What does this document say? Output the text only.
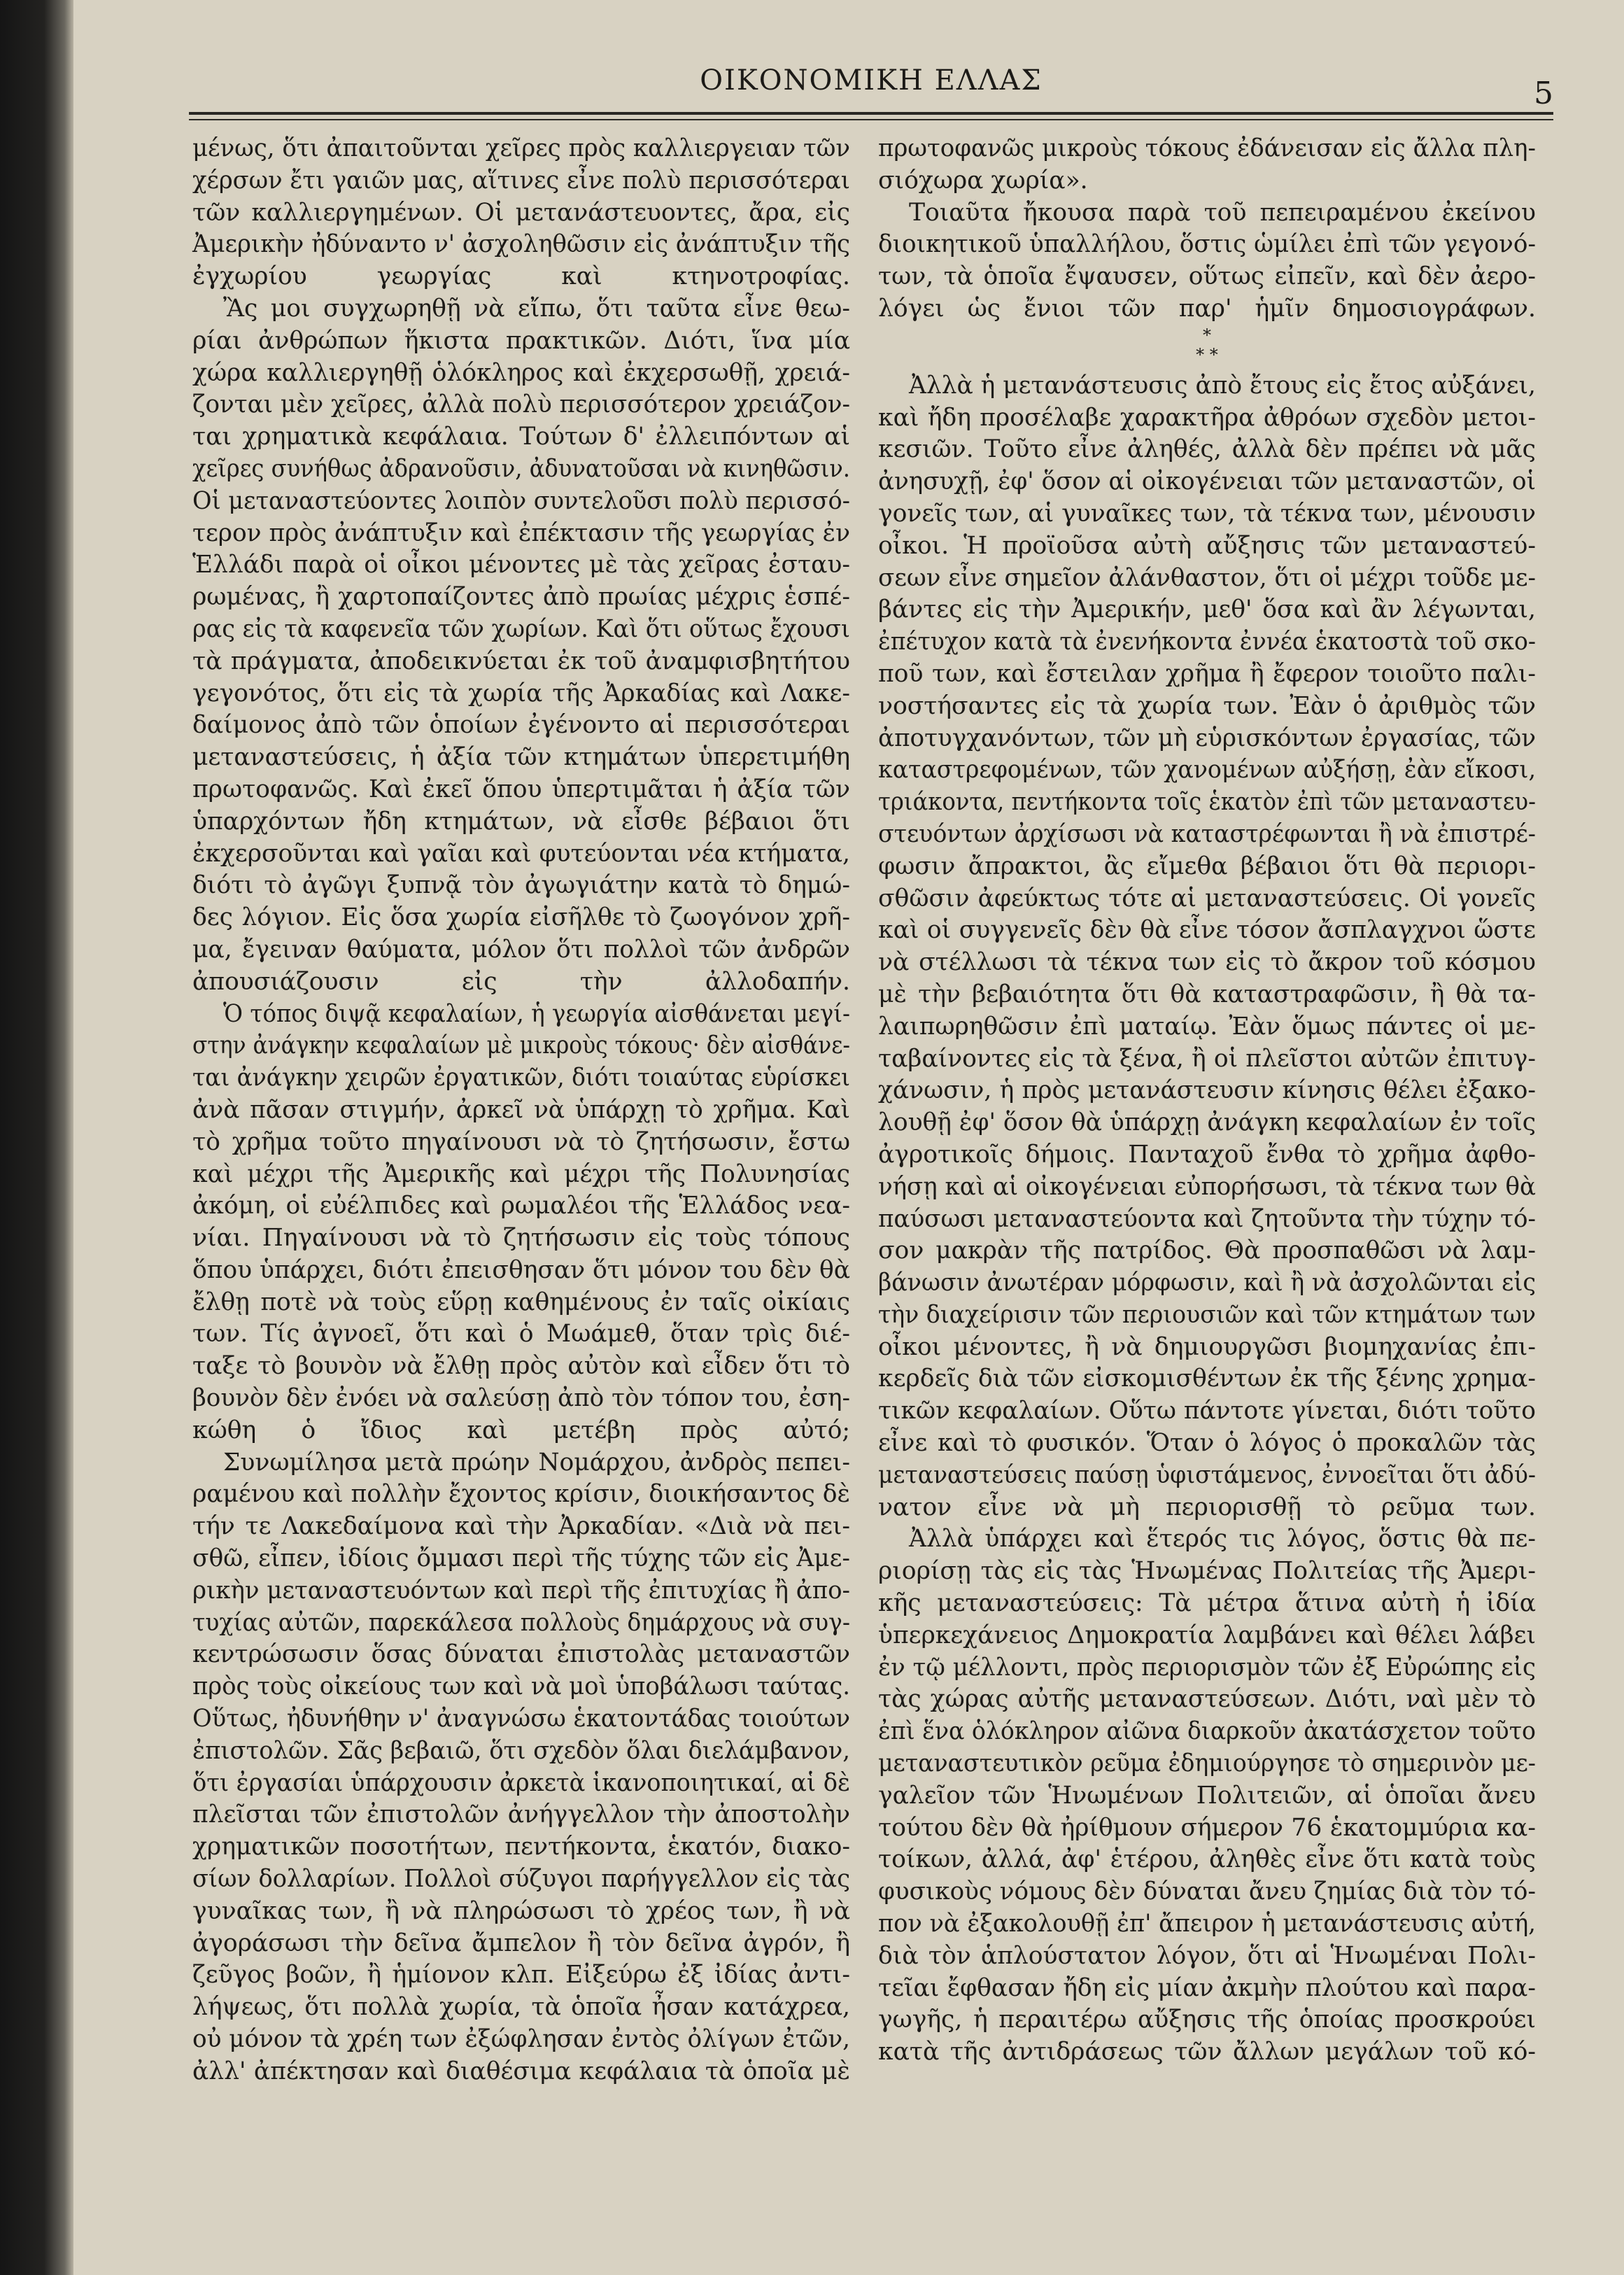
ΟΙΚΟΝΟΜΙΚΗ ΕΛΛΑΣ	5
μένως, ὅτι ἀπαιτοῦνται χεῖρες πρὸς καλλιεργειαν τῶν
χέρσων ἔτι γαιῶν μας, αἵτινες εἶνε πολὺ περισσότεραι
τῶν καλλιεργημένων. Οἱ μετανάστευοντες, ἄρα, εἰς
Ἀμερικὴν ἠδύναντο ν' ἀσχοληθῶσιν εἰς ἀνάπτυξιν τῆς
ἐγχωρίου γεωργίας καὶ κτηνοτροφίας.
Ἂς μοι συγχωρηθῇ νὰ εἴπω, ὅτι ταῦτα εἶνε θεω-
ρίαι ἀνθρώπων ἥκιστα πρακτικῶν. Διότι, ἵνα μία
χώρα καλλιεργηθῇ ὁλόκληρος καὶ ἐκχερσωθῇ, χρειά-
ζονται μὲν χεῖρες, ἀλλὰ πολὺ περισσότερον χρειάζον-
ται χρηματικὰ κεφάλαια. Τούτων δ' ἐλλειπόντων αἱ
χεῖρες συνήθως ἀδρανοῦσιν, ἀδυνατοῦσαι νὰ κινηθῶσιν.
Οἱ μεταναστεύοντες λοιπὸν συντελοῦσι πολὺ περισσό-
τερον πρὸς ἀνάπτυξιν καὶ ἐπέκτασιν τῆς γεωργίας ἐν
Ἑλλάδι παρὰ οἱ οἶκοι μένοντες μὲ τὰς χεῖρας ἐσταυ-
ρωμένας, ἢ χαρτοπαίζοντες ἀπὸ πρωίας μέχρις ἑσπέ-
ρας εἰς τὰ καφενεῖα τῶν χωρίων. Καὶ ὅτι οὕτως ἔχουσι
τὰ πράγματα, ἀποδεικνύεται ἐκ τοῦ ἀναμφισβητήτου
γεγονότος, ὅτι εἰς τὰ χωρία τῆς Ἀρκαδίας καὶ Λακε-
δαίμονος ἀπὸ τῶν ὁποίων ἐγένοντο αἱ περισσότεραι
μεταναστεύσεις, ἡ ἀξία τῶν κτημάτων ὑπερετιμήθη
πρωτοφανῶς. Καὶ ἐκεῖ ὅπου ὑπερτιμᾶται ἡ ἀξία τῶν
ὑπαρχόντων ἤδη κτημάτων, νὰ εἶσθε βέβαιοι ὅτι
ἐκχερσοῦνται καὶ γαῖαι καὶ φυτεύονται νέα κτήματα,
διότι τὸ ἀγῶγι ξυπνᾷ τὸν ἀγωγιάτην κατὰ τὸ δημώ-
δες λόγιον. Εἰς ὅσα χωρία εἰσῆλθε τὸ ζωογόνον χρῆ-
μα, ἔγειναν θαύματα, μόλον ὅτι πολλοὶ τῶν ἀνδρῶν
ἀπουσιάζουσιν εἰς τὴν ἀλλοδαπήν.
Ὁ τόπος διψᾷ κεφαλαίων, ἡ γεωργία αἰσθάνεται μεγί-
στην ἀνάγκην κεφαλαίων μὲ μικροὺς τόκους· δὲν αἰσθάνε-
ται ἀνάγκην χειρῶν ἐργατικῶν, διότι τοιαύτας εὑρίσκει
ἀνὰ πᾶσαν στιγμήν, ἀρκεῖ νὰ ὑπάρχῃ τὸ χρῆμα. Καὶ
τὸ χρῆμα τοῦτο πηγαίνουσι νὰ τὸ ζητήσωσιν, ἔστω
καὶ μέχρι τῆς Ἀμερικῆς καὶ μέχρι τῆς Πολυνησίας
ἀκόμη, οἱ εὐέλπιδες καὶ ρωμαλέοι τῆς Ἑλλάδος νεα-
νίαι. Πηγαίνουσι νὰ τὸ ζητήσωσιν εἰς τοὺς τόπους
ὅπου ὑπάρχει, διότι ἐπεισθησαν ὅτι μόνον του δὲν θὰ
ἔλθῃ ποτὲ νὰ τοὺς εὕρῃ καθημένους ἐν ταῖς οἰκίαις
των. Τίς ἀγνοεῖ, ὅτι καὶ ὁ Μωάμεθ, ὅταν τρὶς διέ-
ταξε τὸ βουνὸν νὰ ἔλθῃ πρὸς αὐτὸν καὶ εἶδεν ὅτι τὸ
βουνὸν δὲν ἐνόει νὰ σαλεύσῃ ἀπὸ τὸν τόπον του, ἐση-
κώθη ὁ ἴδιος καὶ μετέβη πρὸς αὐτό;
Συνωμίλησα μετὰ πρώην Νομάρχου, ἀνδρὸς πεπει-
ραμένου καὶ πολλὴν ἔχοντος κρίσιν, διοικήσαντος δὲ
τήν τε Λακεδαίμονα καὶ τὴν Ἀρκαδίαν. «Διὰ νὰ πει-
σθῶ, εἶπεν, ἰδίοις ὄμμασι περὶ τῆς τύχης τῶν εἰς Ἀμε-
ρικὴν μεταναστευόντων καὶ περὶ τῆς ἐπιτυχίας ἢ ἀπο-
τυχίας αὐτῶν, παρεκάλεσα πολλοὺς δημάρχους νὰ συγ-
κεντρώσωσιν ὅσας δύναται ἐπιστολὰς μεταναστῶν
πρὸς τοὺς οἰκείους των καὶ νὰ μοὶ ὑποβάλωσι ταύτας.
Οὕτως, ἠδυνήθην ν' ἀναγνώσω ἑκατοντάδας τοιούτων
ἐπιστολῶν. Σᾶς βεβαιῶ, ὅτι σχεδὸν ὅλαι διελάμβανον,
ὅτι ἐργασίαι ὑπάρχουσιν ἀρκετὰ ἱκανοποιητικαί, αἱ δὲ
πλεῖσται τῶν ἐπιστολῶν ἀνήγγελλον τὴν ἀποστολὴν
χρηματικῶν ποσοτήτων, πεντήκοντα, ἑκατόν, διακο-
σίων δολλαρίων. Πολλοὶ σύζυγοι παρήγγελλον εἰς τὰς
γυναῖκας των, ἢ νὰ πληρώσωσι τὸ χρέος των, ἢ νὰ
ἀγοράσωσι τὴν δεῖνα ἄμπελον ἢ τὸν δεῖνα ἀγρόν, ἢ
ζεῦγος βοῶν, ἢ ἡμίονον κλπ. Εἰξεύρω ἐξ ἰδίας ἀντι-
λήψεως, ὅτι πολλὰ χωρία, τὰ ὁποῖα ἦσαν κατάχρεα,
οὐ μόνον τὰ χρέη των ἐξώφλησαν ἐντὸς ὀλίγων ἐτῶν,
ἀλλ' ἀπέκτησαν καὶ διαθέσιμα κεφάλαια τὰ ὁποῖα μὲ
πρωτοφανῶς μικροὺς τόκους ἐδάνεισαν εἰς ἄλλα πλη-
σιόχωρα χωρία».
Τοιαῦτα ἤκουσα παρὰ τοῦ πεπειραμένου ἐκείνου
διοικητικοῦ ὑπαλλήλου, ὅστις ὡμίλει ἐπὶ τῶν γεγονό-
των, τὰ ὁποῖα ἔψαυσεν, οὕτως εἰπεῖν, καὶ δὲν ἀερο-
λόγει ὡς ἔνιοι τῶν παρ' ἡμῖν δημοσιογράφων.
*
* *
Ἀλλὰ ἡ μετανάστευσις ἀπὸ ἔτους εἰς ἔτος αὐξάνει,
καὶ ἤδη προσέλαβε χαρακτῆρα ἀθρόων σχεδὸν μετοι-
κεσιῶν. Τοῦτο εἶνε ἀληθές, ἀλλὰ δὲν πρέπει νὰ μᾶς
ἀνησυχῇ, ἐφ' ὅσον αἱ οἰκογένειαι τῶν μεταναστῶν, οἱ
γονεῖς των, αἱ γυναῖκες των, τὰ τέκνα των, μένουσιν
οἶκοι. Ἡ προϊοῦσα αὐτὴ αὔξησις τῶν μεταναστεύ-
σεων εἶνε σημεῖον ἀλάνθαστον, ὅτι οἱ μέχρι τοῦδε με-
βάντες εἰς τὴν Ἀμερικήν, μεθ' ὅσα καὶ ἂν λέγωνται,
ἐπέτυχον κατὰ τὰ ἐνενήκοντα ἐννέα ἑκατοστὰ τοῦ σκο-
ποῦ των, καὶ ἔστειλαν χρῆμα ἢ ἔφερον τοιοῦτο παλι-
νοστήσαντες εἰς τὰ χωρία των. Ἐὰν ὁ ἀριθμὸς τῶν
ἀποτυγχανόντων, τῶν μὴ εὑρισκόντων ἐργασίας, τῶν
καταστρεφομένων, τῶν χανομένων αὐξήσῃ, ἐὰν εἴκοσι,
τριάκοντα, πεντήκοντα τοῖς ἑκατὸν ἐπὶ τῶν μεταναστευ-
στευόντων ἀρχίσωσι νὰ καταστρέφωνται ἢ νὰ ἐπιστρέ-
φωσιν ἄπρακτοι, ἂς εἴμεθα βέβαιοι ὅτι θὰ περιορι-
σθῶσιν ἀφεύκτως τότε αἱ μεταναστεύσεις. Οἱ γονεῖς
καὶ οἱ συγγενεῖς δὲν θὰ εἶνε τόσον ἄσπλαγχνοι ὥστε
νὰ στέλλωσι τὰ τέκνα των εἰς τὸ ἄκρον τοῦ κόσμου
μὲ τὴν βεβαιότητα ὅτι θὰ καταστραφῶσιν, ἢ θὰ τα-
λαιπωρηθῶσιν ἐπὶ ματαίῳ. Ἐὰν ὅμως πάντες οἱ με-
ταβαίνοντες εἰς τὰ ξένα, ἢ οἱ πλεῖστοι αὐτῶν ἐπιτυγ-
χάνωσιν, ἡ πρὸς μετανάστευσιν κίνησις θέλει ἐξακο-
λουθῇ ἐφ' ὅσον θὰ ὑπάρχῃ ἀνάγκη κεφαλαίων ἐν τοῖς
ἀγροτικοῖς δήμοις. Πανταχοῦ ἔνθα τὸ χρῆμα ἀφθο-
νήσῃ καὶ αἱ οἰκογένειαι εὐπορήσωσι, τὰ τέκνα των θὰ
παύσωσι μεταναστεύοντα καὶ ζητοῦντα τὴν τύχην τό-
σον μακρὰν τῆς πατρίδος. Θὰ προσπαθῶσι νὰ λαμ-
βάνωσιν ἀνωτέραν μόρφωσιν, καὶ ἢ νὰ ἀσχολῶνται εἰς
τὴν διαχείρισιν τῶν περιουσιῶν καὶ τῶν κτημάτων των
οἶκοι μένοντες, ἢ νὰ δημιουργῶσι βιομηχανίας ἐπι-
κερδεῖς διὰ τῶν εἰσκομισθέντων ἐκ τῆς ξένης χρημα-
τικῶν κεφαλαίων. Οὕτω πάντοτε γίνεται, διότι τοῦτο
εἶνε καὶ τὸ φυσικόν. Ὅταν ὁ λόγος ὁ προκαλῶν τὰς
μεταναστεύσεις παύσῃ ὑφιστάμενος, ἐννοεῖται ὅτι ἀδύ-
νατον εἶνε νὰ μὴ περιορισθῇ τὸ ρεῦμα των.
Ἀλλὰ ὑπάρχει καὶ ἕτερός τις λόγος, ὅστις θὰ πε-
ριορίσῃ τὰς εἰς τὰς Ἡνωμένας Πολιτείας τῆς Ἀμερι-
κῆς μεταναστεύσεις: Τὰ μέτρα ἅτινα αὐτὴ ἡ ἰδία
ὑπερκεχάνειος Δημοκρατία λαμβάνει καὶ θέλει λάβει
ἐν τῷ μέλλοντι, πρὸς περιορισμὸν τῶν ἐξ Εὐρώπης εἰς
τὰς χώρας αὐτῆς μεταναστεύσεων. Διότι, ναὶ μὲν τὸ
ἐπὶ ἕνα ὁλόκληρον αἰῶνα διαρκοῦν ἀκατάσχετον τοῦτο
μεταναστευτικὸν ρεῦμα ἐδημιούργησε τὸ σημερινὸν με-
γαλεῖον τῶν Ἡνωμένων Πολιτειῶν, αἱ ὁποῖαι ἄνευ
τούτου δὲν θὰ ἠρίθμουν σήμερον 76 ἑκατομμύρια κα-
τοίκων, ἀλλά, ἀφ' ἑτέρου, ἀληθὲς εἶνε ὅτι κατὰ τοὺς
φυσικοὺς νόμους δὲν δύναται ἄνευ ζημίας διὰ τὸν τό-
πον νὰ ἐξακολουθῇ ἐπ' ἄπειρον ἡ μετανάστευσις αὐτή,
διὰ τὸν ἁπλούστατον λόγον, ὅτι αἱ Ἡνωμέναι Πολι-
τεῖαι ἔφθασαν ἤδη εἰς μίαν ἀκμὴν πλούτου καὶ παρα-
γωγῆς, ἡ περαιτέρω αὔξησις τῆς ὁποίας προσκρούει
κατὰ τῆς ἀντιδράσεως τῶν ἄλλων μεγάλων τοῦ κό-
